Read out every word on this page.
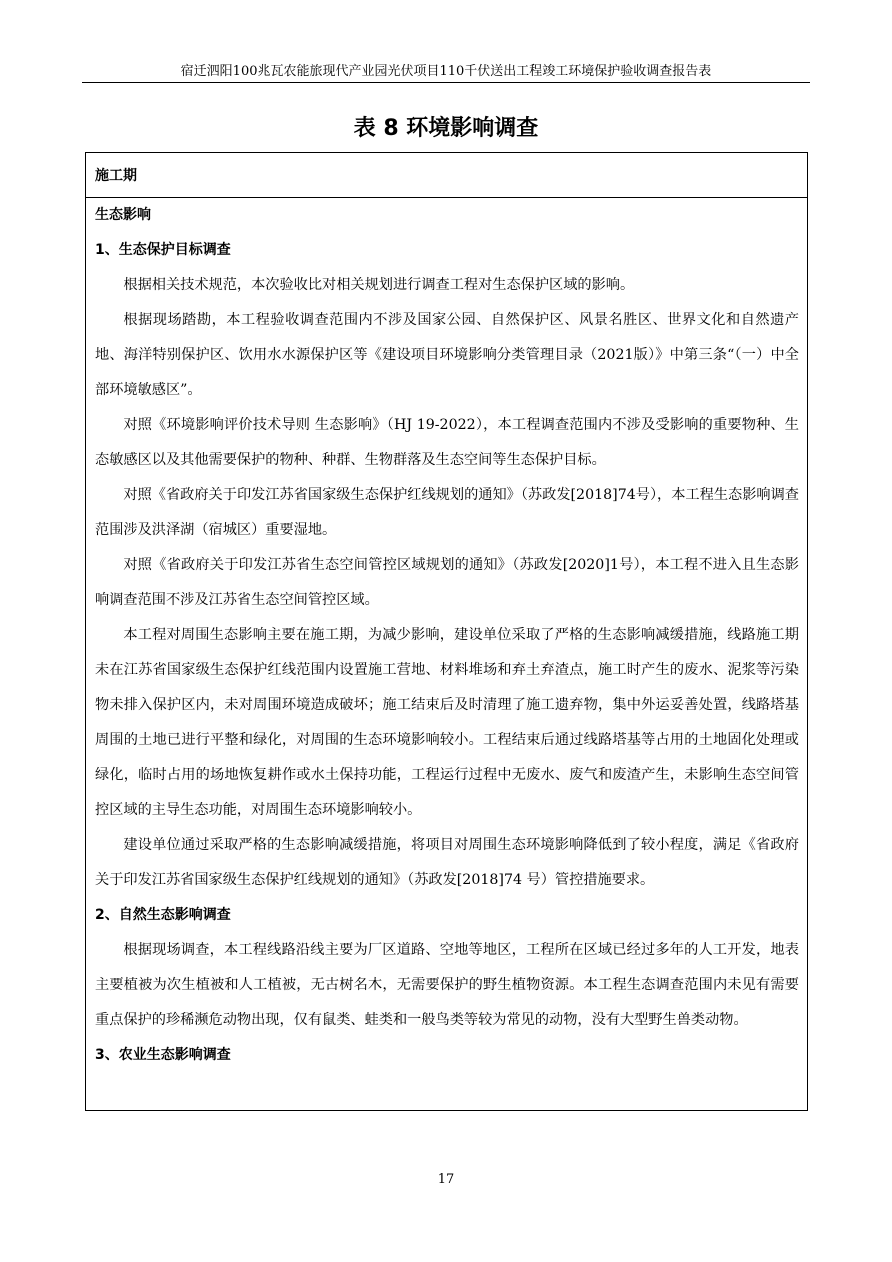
宿迁泗阳100兆瓦农能旅现代产业园光伏项目110千伏送出工程竣工环境保护验收调查报告表
表 8 环境影响调查
施工期
生态影响
1、生态保护目标调查

根据相关技术规范，本次验收比对相关规划进行调查工程对生态保护区域的影响。

根据现场踏勘，本工程验收调查范围内不涉及国家公园、自然保护区、风景名胜区、世界文化和自然遗产地、海洋特别保护区、饮用水水源保护区等《建设项目环境影响分类管理目录（2021版）》中第三条“（一）中全部环境敏感区”。

对照《环境影响评价技术导则 生态影响》（HJ 19-2022），本工程调查范围内不涉及受影响的重要物种、生态敏感区以及其他需要保护的物种、种群、生物群落及生态空间等生态保护目标。

对照《省政府关于印发江苏省国家级生态保护红线规划的通知》（苏政发[2018]74号），本工程生态影响调查范围涉及洪泽湖（宿城区）重要湿地。

对照《省政府关于印发江苏省生态空间管控区域规划的通知》（苏政发[2020]1号），本工程不进入且生态影响调查范围不涉及江苏省生态空间管控区域。

本工程对周围生态影响主要在施工期，为减少影响，建设单位采取了严格的生态影响减缓措施，线路施工期未在江苏省国家级生态保护红线范围内设置施工营地、材料堆场和弃土弃渣点，施工时产生的废水、泥浆等污染物未排入保护区内，未对周围环境造成破坏；施工结束后及时清理了施工遗弃物，集中外运妥善处置，线路塔基周围的土地已进行平整和绿化，对周围的生态环境影响较小。工程结束后通过线路塔基等占用的土地固化处理或绿化，临时占用的场地恢复耕作或水土保持功能，工程运行过程中无废水、废气和废渣产生，未影响生态空间管控区域的主导生态功能，对周围生态环境影响较小。

建设单位通过采取严格的生态影响减缓措施，将项目对周围生态环境影响降低到了较小程度，满足《省政府关于印发江苏省国家级生态保护红线规划的通知》（苏政发[2018]74 号）管控措施要求。

2、自然生态影响调查

根据现场调查，本工程线路沿线主要为厂区道路、空地等地区，工程所在区域已经过多年的人工开发，地表主要植被为次生植被和人工植被，无古树名木，无需要保护的野生植物资源。本工程生态调查范围内未见有需要重点保护的珍稀濒危动物出现，仅有鼠类、蛙类和一般鸟类等较为常见的动物，没有大型野生兽类动物。

3、农业生态影响调查
17
